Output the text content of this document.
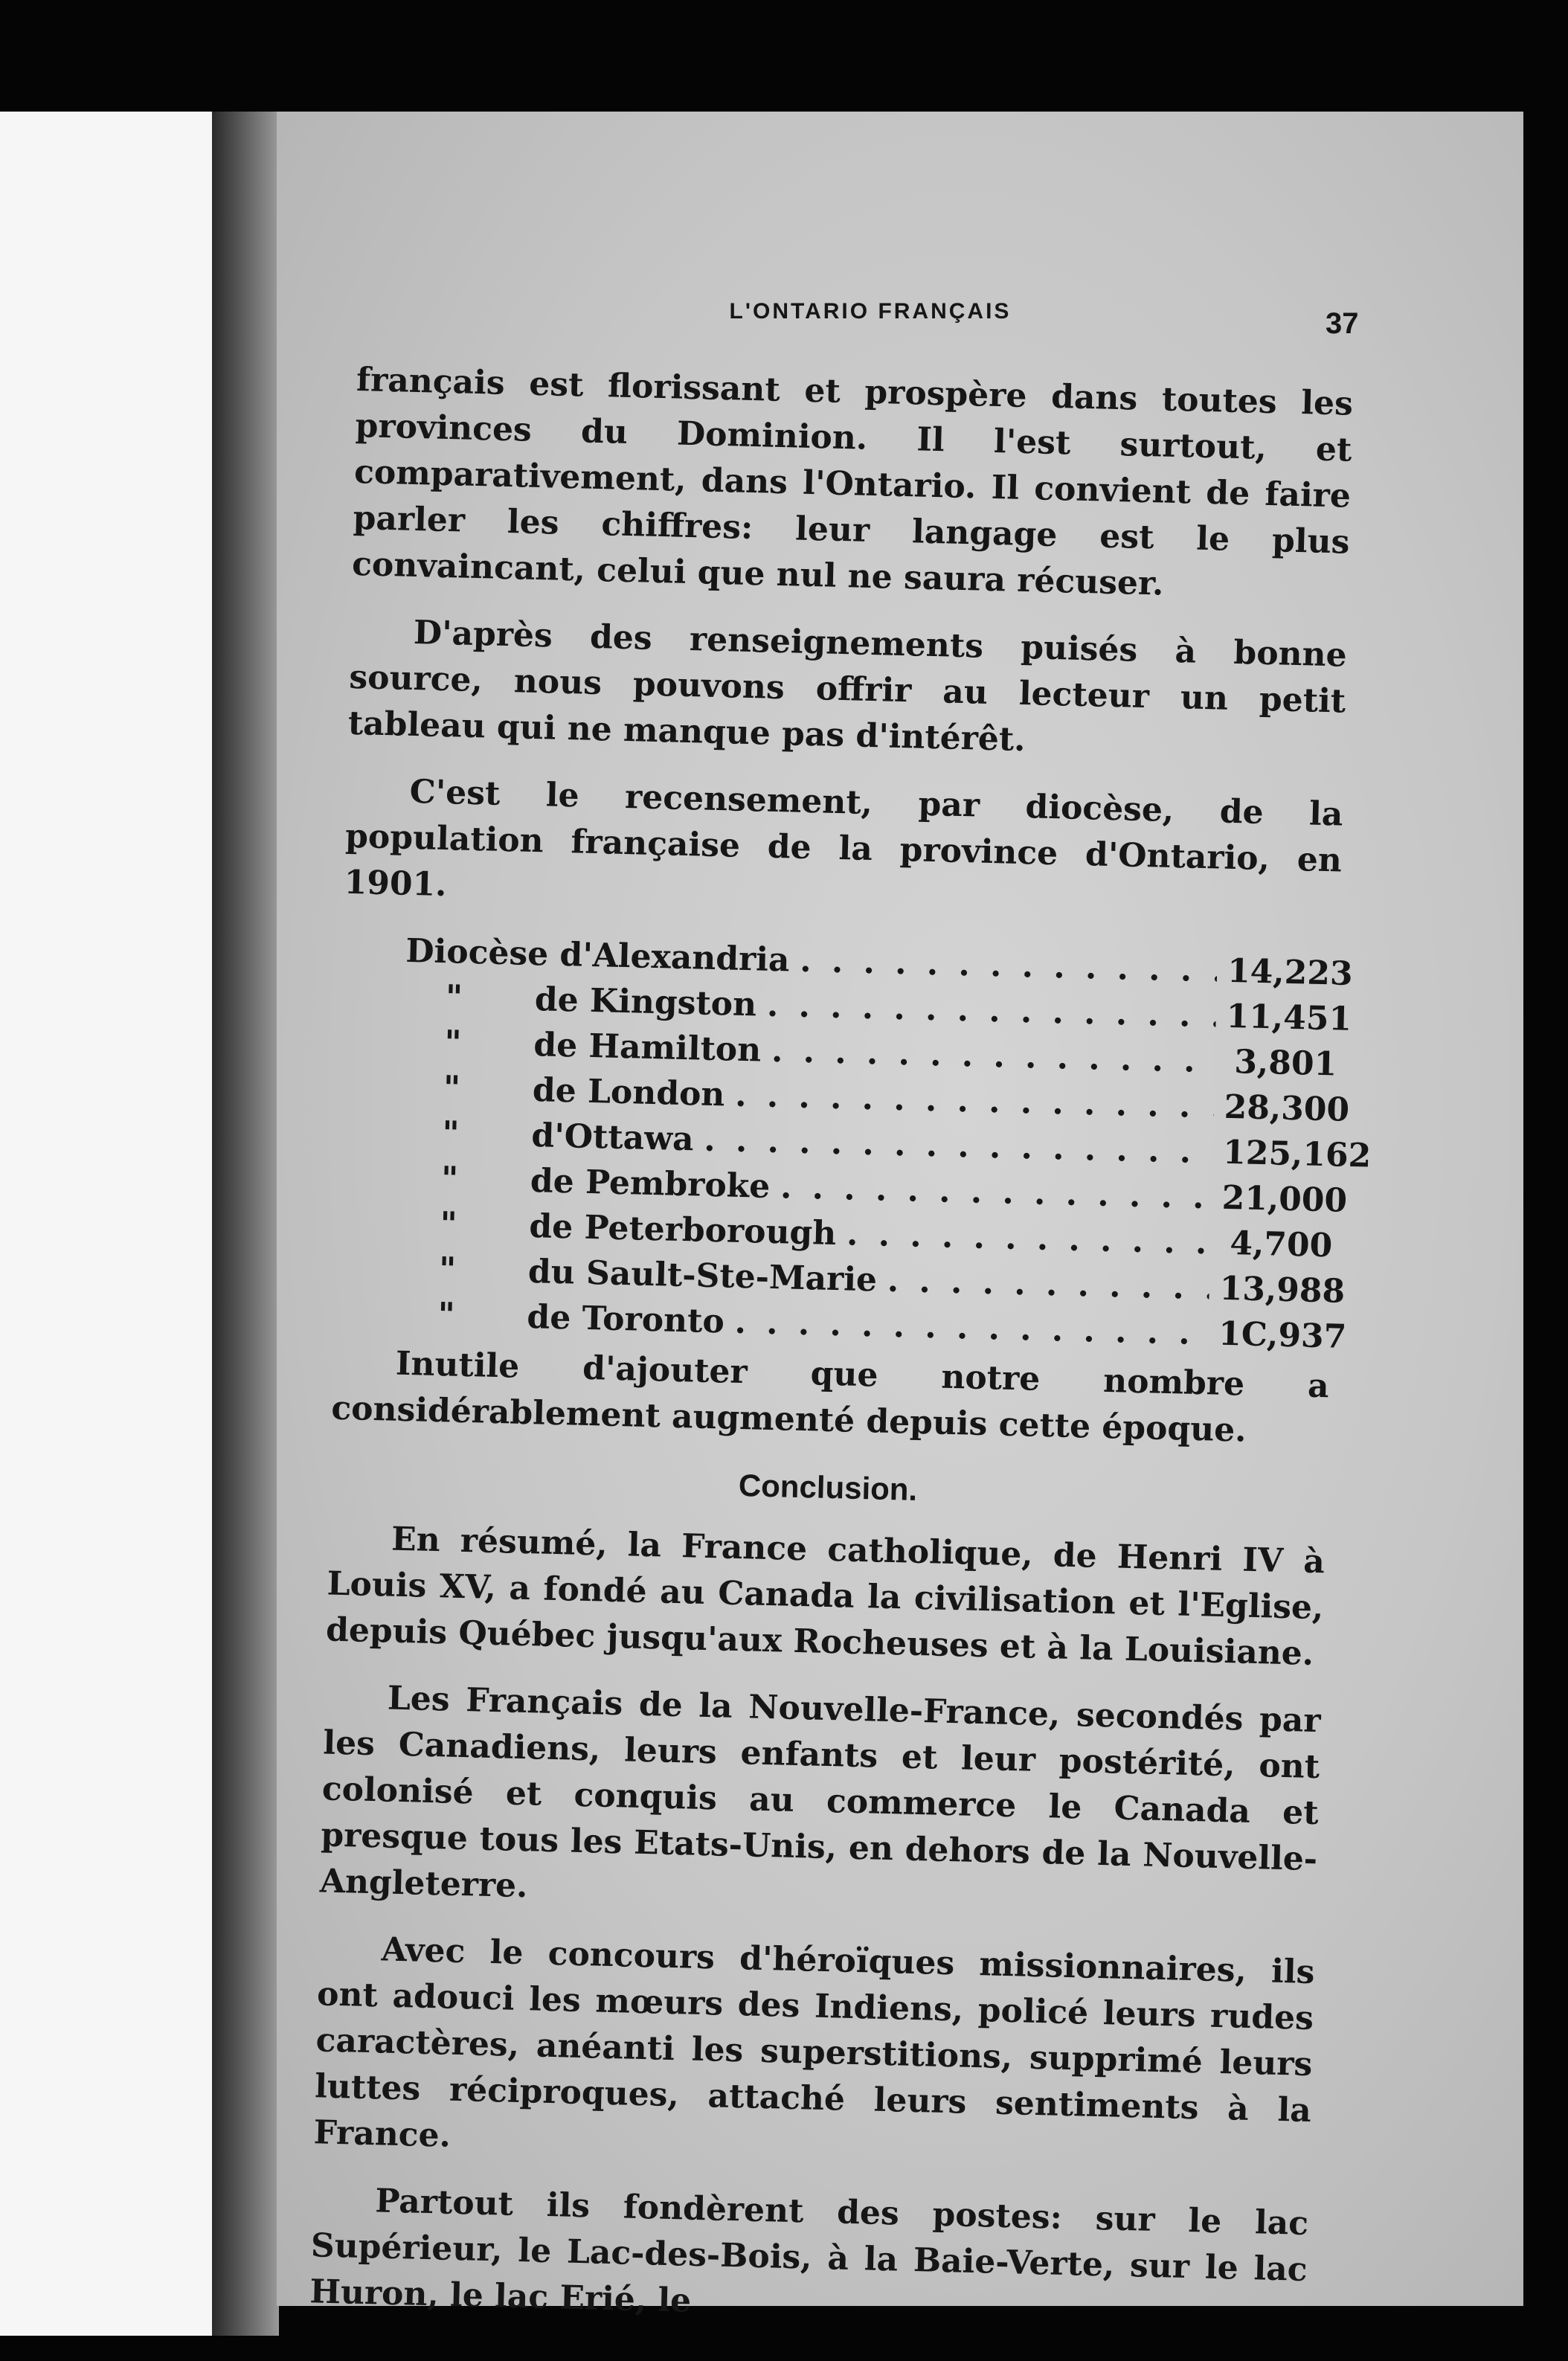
L'ONTARIO FRANÇAIS	37

français est florissant et prospère dans toutes les provinces du Dominion. Il l'est surtout, et comparativement, dans l'Ontario. Il convient de faire parler les chiffres: leur langage est le plus convaincant, celui que nul ne saura récuser.

D'après des renseignements puisés à bonne source, nous pouvons offrir au lecteur un petit tableau qui ne manque pas d'intérêt.

C'est le recensement, par diocèse, de la population française de la province d'Ontario, en 1901.

Diocèse d'Alexandria . . .	14,223
" de Kingston . . .	11,451
" de Hamilton . . .	3,801
" de London . . .	28,300
" d'Ottawa . . .	125,162
" de Pembroke . . .	21,000
" de Peterborough . . .	4,700
" du Sault-Ste-Marie . . .	13,988
" de Toronto . . .	1C,937

Inutile d'ajouter que notre nombre a considérablement augmenté depuis cette époque.

Conclusion.

En résumé, la France catholique, de Henri IV à Louis XV, a fondé au Canada la civilisation et l'Eglise, depuis Québec jusqu'aux Rocheuses et à la Louisiane.

Les Français de la Nouvelle-France, secondés par les Canadiens, leurs enfants et leur postérité, ont colonisé et conquis au commerce le Canada et presque tous les Etats-Unis, en dehors de la Nouvelle-Angleterre.

Avec le concours d'héroïques missionnaires, ils ont adouci les mœurs des Indiens, policé leurs rudes caractères, anéanti les superstitions, supprimé leurs luttes réciproques, attaché leurs sentiments à la France.

Partout ils fondèrent des postes: sur le lac Supérieur, le Lac-des-Bois, à la Baie-Verte, sur le lac Huron, le lac Erié, le
